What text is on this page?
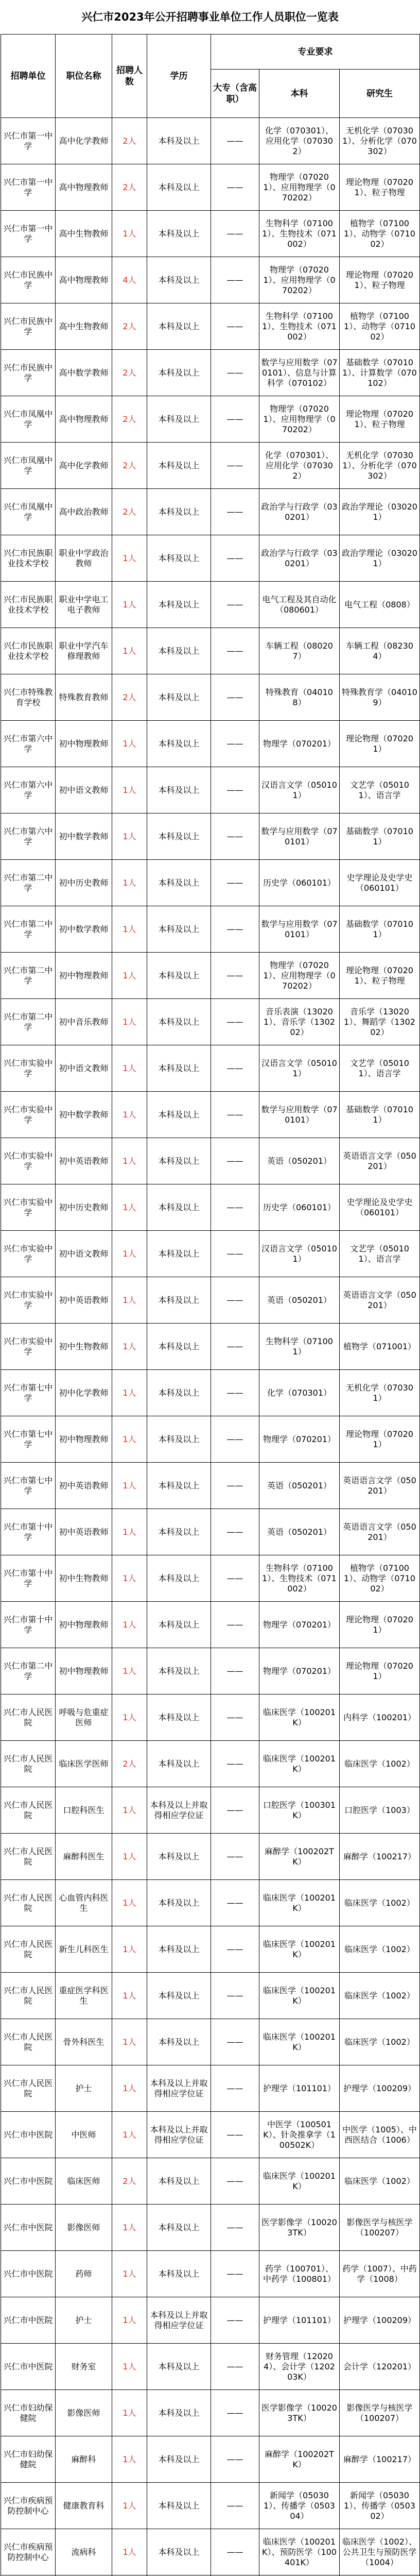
兴仁市2023年公开招聘事业单位工作人员职位一览表
招聘单位	职位名称	招聘人数	学历	专业要求		
				大专（含高职）	本科	研究生

兴仁市第一中学	高中化学教师	2人	本科及以上	——	化学（070301）、应用化学（070302）	无机化学（070301）、分析化学（070302）

兴仁市第一中学	高中物理教师	2人	本科及以上	——	物理学（070201）、应用物理学（070202）	理论物理（070201）、粒子物理

兴仁市第一中学	高中生物教师	1人	本科及以上	——	生物科学（071001）、生物技术（071002）	植物学（071001）、动物学（071002）

兴仁市民族中学	高中物理教师	4人	本科及以上	——	物理学（070201）、应用物理学（070202）	理论物理（070201）、粒子物理

兴仁市民族中学	高中生物教师	2人	本科及以上	——	生物科学（071001）、生物技术（071002）	植物学（071001）、动物学（071002）

兴仁市民族中学	高中数学教师	2人	本科及以上	——	数学与应用数学（070101）、信息与计算科学（070102）	基础数学（070101）、计算数学（070102）

兴仁市凤凰中学	高中物理教师	2人	本科及以上	——	物理学（070201）、应用物理学（070202）	理论物理（070201）、粒子物理

兴仁市凤凰中学	高中化学教师	2人	本科及以上	——	化学（070301）、应用化学（070302）	无机化学（070301）、分析化学（070302）

兴仁市凤凰中学	高中政治教师	2人	本科及以上	——	政治学与行政学（030201）	政治学理论（030201）

兴仁市民族职业技术学校	职业中学政治教师	1人	本科及以上	——	政治学与行政学（030201）	政治学理论（030201）

兴仁市民族职业技术学校	职业中学电工电子教师	1人	本科及以上	——	电气工程及其自动化（080601）	电气工程（0808）

兴仁市民族职业技术学校	职业中学汽车修理教师	1人	本科及以上	——	车辆工程（080207）	车辆工程（082304）

兴仁市特殊教育学校	特殊教育教师	2人	本科及以上	——	特殊教育（040108）	特殊教育学（040109）

兴仁市第六中学	初中物理教师	1人	本科及以上	——	物理学（070201）	理论物理（070201）

兴仁市第六中学	初中语文教师	1人	本科及以上	——	汉语言文学（050101）	文艺学（050101）、语言学

兴仁市第六中学	初中数学教师	1人	本科及以上	——	数学与应用数学（070101）	基础数学（070101）

兴仁市第二中学	初中历史教师	1人	本科及以上	——	历史学（060101）	史学理论及史学史（060101）

兴仁市第二中学	初中数学教师	1人	本科及以上	——	数学与应用数学（070101）	基础数学（070101）

兴仁市第二中学	初中物理教师	1人	本科及以上	——	物理学（070201）、应用物理学（070202）	理论物理（070201）、粒子物理

兴仁市第二中学	初中音乐教师	1人	本科及以上	——	音乐表演（130201）、音乐学（130202）	音乐学（130201）、舞蹈学（130202）

兴仁市实验中学	初中语文教师	1人	本科及以上	——	汉语言文学（050101）	文艺学（050101）、语言学

兴仁市实验中学	初中数学教师	1人	本科及以上	——	数学与应用数学（070101）	基础数学（070101）

兴仁市实验中学	初中英语教师	1人	本科及以上	——	英语（050201）	英语语言文学（050201）

兴仁市实验中学	初中历史教师	1人	本科及以上	——	历史学（060101）	史学理论及史学史（060101）

兴仁市实验中学	初中语文教师	1人	本科及以上	——	汉语言文学（050101）	文艺学（050101）、语言学

兴仁市实验中学	初中英语教师	1人	本科及以上	——	英语（050201）	英语语言文学（050201）

兴仁市实验中学	初中生物教师	1人	本科及以上	——	生物科学（071001）	植物学（071001）

兴仁市第七中学	初中化学教师	1人	本科及以上	——	化学（070301）	无机化学（070301）

兴仁市第七中学	初中物理教师	1人	本科及以上	——	物理学（070201）	理论物理（070201）

兴仁市第七中学	初中英语教师	1人	本科及以上	——	英语（050201）	英语语言文学（050201）

兴仁市第十中学	初中英语教师	1人	本科及以上	——	英语（050201）	英语语言文学（050201）

兴仁市第十中学	初中生物教师	1人	本科及以上	——	生物科学（071001）、生物技术（071002）	植物学（071001）、动物学（071002）

兴仁市第十中学	初中物理教师	1人	本科及以上	——	物理学（070201）	理论物理（070201）

兴仁市第二中学	初中物理教师	1人	本科及以上	——	物理学（070201）	理论物理（070201）

兴仁市人民医院	呼吸与危重症医师	1人	本科及以上	——	临床医学（100201K）	内科学（100201）

兴仁市人民医院	临床医学医师	2人	本科及以上	——	临床医学（100201K）	临床医学（1002）

兴仁市人民医院	口腔科医生	1人	本科及以上并取得相应学位证	——	口腔医学（100301K）	口腔医学（1003）

兴仁市人民医院	麻醉科医生	1人	本科及以上	——	麻醉学（100202TK）	麻醉学（100217）

兴仁市人民医院	心血管内科医生	1人	本科及以上	——	临床医学（100201K）	临床医学（1002）

兴仁市人民医院	新生儿科医生	1人	本科及以上	——	临床医学（100201K）	临床医学（1002）

兴仁市人民医院	重症医学科医生	1人	本科及以上	——	临床医学（100201K）	临床医学（1002）

兴仁市人民医院	骨外科医生	1人	本科及以上	——	临床医学（100201K）	临床医学（1002）

兴仁市人民医院	护士	1人	本科及以上并取得相应学位证	——	护理学（101101）	护理学（100209）

兴仁市中医院	中医师	1人	本科及以上并取得相应学位证	——	中医学（100501K）、针灸推拿学（100502K）	中医学（1005）、中西医结合（1006）

兴仁市中医院	临床医师	2人	本科及以上	——	临床医学（100201K）	临床医学（1002）

兴仁市中医院	影像医师	1人	本科及以上	——	医学影像学（100203TK）	影像医学与核医学（100207）

兴仁市中医院	药师	1人	本科及以上	——	药学（100701）、中药学（100801）	药学（1007）、中药学（1008）

兴仁市中医院	护士	1人	本科及以上并取得相应学位证	——	护理学（101101）	护理学（100209）

兴仁市中医院	财务室	1人	本科及以上	——	财务管理（120204）、会计学（120203K）	会计学（120201）

兴仁市妇幼保健院	影像医师	1人	本科及以上	——	医学影像学（100203TK）	影像医学与核医学（100207）

兴仁市妇幼保健院	麻醉科	1人	本科及以上	——	麻醉学（100202TK）	麻醉学（100217）

兴仁市疾病预防控制中心	健康教育科	1人	本科及以上	——	新闻学（050301）、传播学（050304）	新闻学（050301）、传播学（050302）

兴仁市疾病预防控制中心	流病科	1人	本科及以上	——	临床医学（100201K）、预防医学（100401K）	临床医学（1002）、公共卫生与预防医学（1004）
